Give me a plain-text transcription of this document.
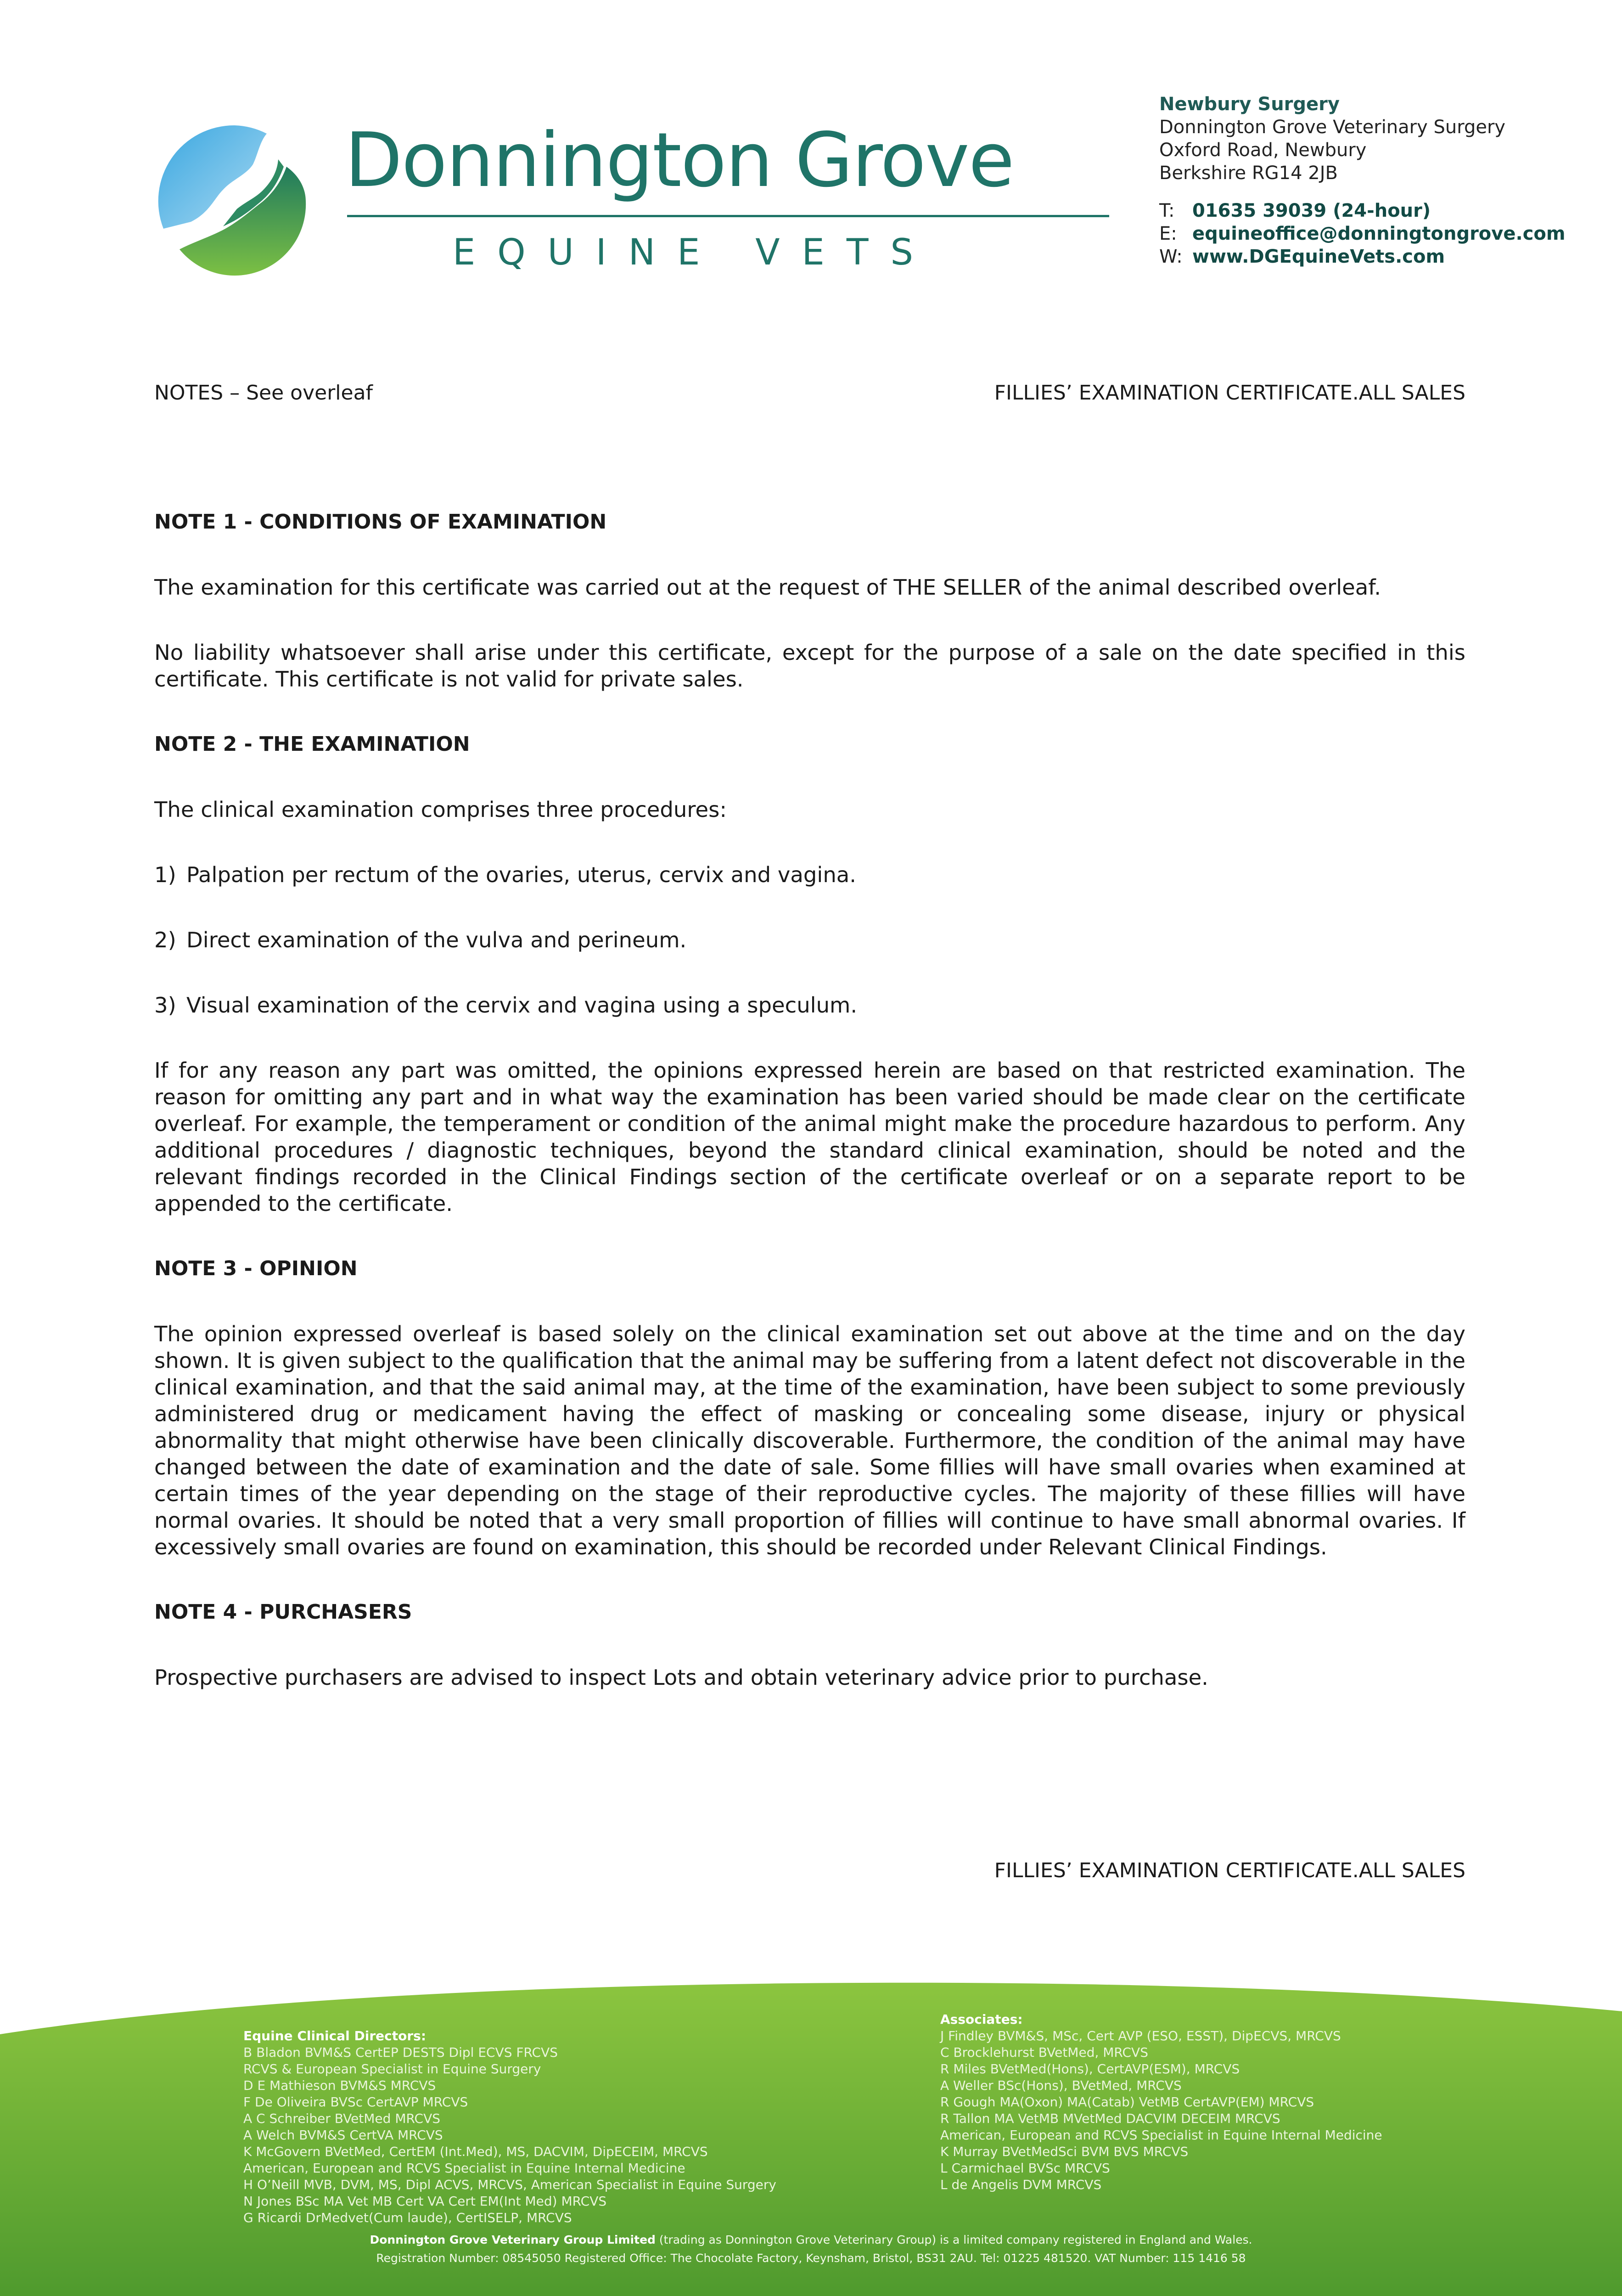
Donnington Grove
EQUINE VETS
Newbury Surgery
Donnington Grove Veterinary Surgery
Oxford Road, Newbury
Berkshire RG14 2JB
T: 01635 39039 (24-hour)
E: equineoffice@donningtongrove.com
W: www.DGEquineVets.com
NOTES – See overleaf	FILLIES’ EXAMINATION CERTIFICATE.ALL SALES
NOTE 1 - CONDITIONS OF EXAMINATION

The examination for this certificate was carried out at the request of THE SELLER of the animal described overleaf.

No liability whatsoever shall arise under this certificate, except for the purpose of a sale on the date specified in this certificate. This certificate is not valid for private sales.

NOTE 2 - THE EXAMINATION

The clinical examination comprises three procedures:

1) Palpation per rectum of the ovaries, uterus, cervix and vagina.
2) Direct examination of the vulva and perineum.
3) Visual examination of the cervix and vagina using a speculum.

If for any reason any part was omitted, the opinions expressed herein are based on that restricted examination. The reason for omitting any part and in what way the examination has been varied should be made clear on the certificate overleaf. For example, the temperament or condition of the animal might make the procedure hazardous to perform. Any additional procedures / diagnostic techniques, beyond the standard clinical examination, should be noted and the relevant findings recorded in the Clinical Findings section of the certificate overleaf or on a separate report to be appended to the certificate.

NOTE 3 - OPINION

The opinion expressed overleaf is based solely on the clinical examination set out above at the time and on the day shown. It is given subject to the qualification that the animal may be suffering from a latent defect not discoverable in the clinical examination, and that the said animal may, at the time of the examination, have been subject to some previously administered drug or medicament having the effect of masking or concealing some disease, injury or physical abnormality that might otherwise have been clinically discoverable. Furthermore, the condition of the animal may have changed between the date of examination and the date of sale. Some fillies will have small ovaries when examined at certain times of the year depending on the stage of their reproductive cycles. The majority of these fillies will have normal ovaries. It should be noted that a very small proportion of fillies will continue to have small abnormal ovaries. If excessively small ovaries are found on examination, this should be recorded under Relevant Clinical Findings.

NOTE 4 - PURCHASERS

Prospective purchasers are advised to inspect Lots and obtain veterinary advice prior to purchase.

FILLIES’ EXAMINATION CERTIFICATE.ALL SALES
Equine Clinical Directors:
B Bladon BVM&S CertEP DESTS Dipl ECVS FRCVS
RCVS & European Specialist in Equine Surgery
D E Mathieson BVM&S MRCVS
F De Oliveira BVSc CertAVP MRCVS
A C Schreiber BVetMed MRCVS
A Welch BVM&S CertVA MRCVS
K McGovern BVetMed, CertEM (Int.Med), MS, DACVIM, DipECEIM, MRCVS
American, European and RCVS Specialist in Equine Internal Medicine
H O’Neill MVB, DVM, MS, Dipl ACVS, MRCVS, American Specialist in Equine Surgery
N Jones BSc MA Vet MB Cert VA Cert EM(Int Med) MRCVS
G Ricardi DrMedvet(Cum laude), CertISELP, MRCVS
Associates:
J Findley BVM&S, MSc, Cert AVP (ESO, ESST), DipECVS, MRCVS
C Brocklehurst BVetMed, MRCVS
R Miles BVetMed(Hons), CertAVP(ESM), MRCVS
A Weller BSc(Hons), BVetMed, MRCVS
R Gough MA(Oxon) MA(Catab) VetMB CertAVP(EM) MRCVS
R Tallon MA VetMB MVetMed DACVIM DECEIM MRCVS
American, European and RCVS Specialist in Equine Internal Medicine
K Murray BVetMedSci BVM BVS MRCVS
L Carmichael BVSc MRCVS
L de Angelis DVM MRCVS
Donnington Grove Veterinary Group Limited (trading as Donnington Grove Veterinary Group) is a limited company registered in England and Wales.
Registration Number: 08545050 Registered Office: The Chocolate Factory, Keynsham, Bristol, BS31 2AU. Tel: 01225 481520. VAT Number: 115 1416 58
